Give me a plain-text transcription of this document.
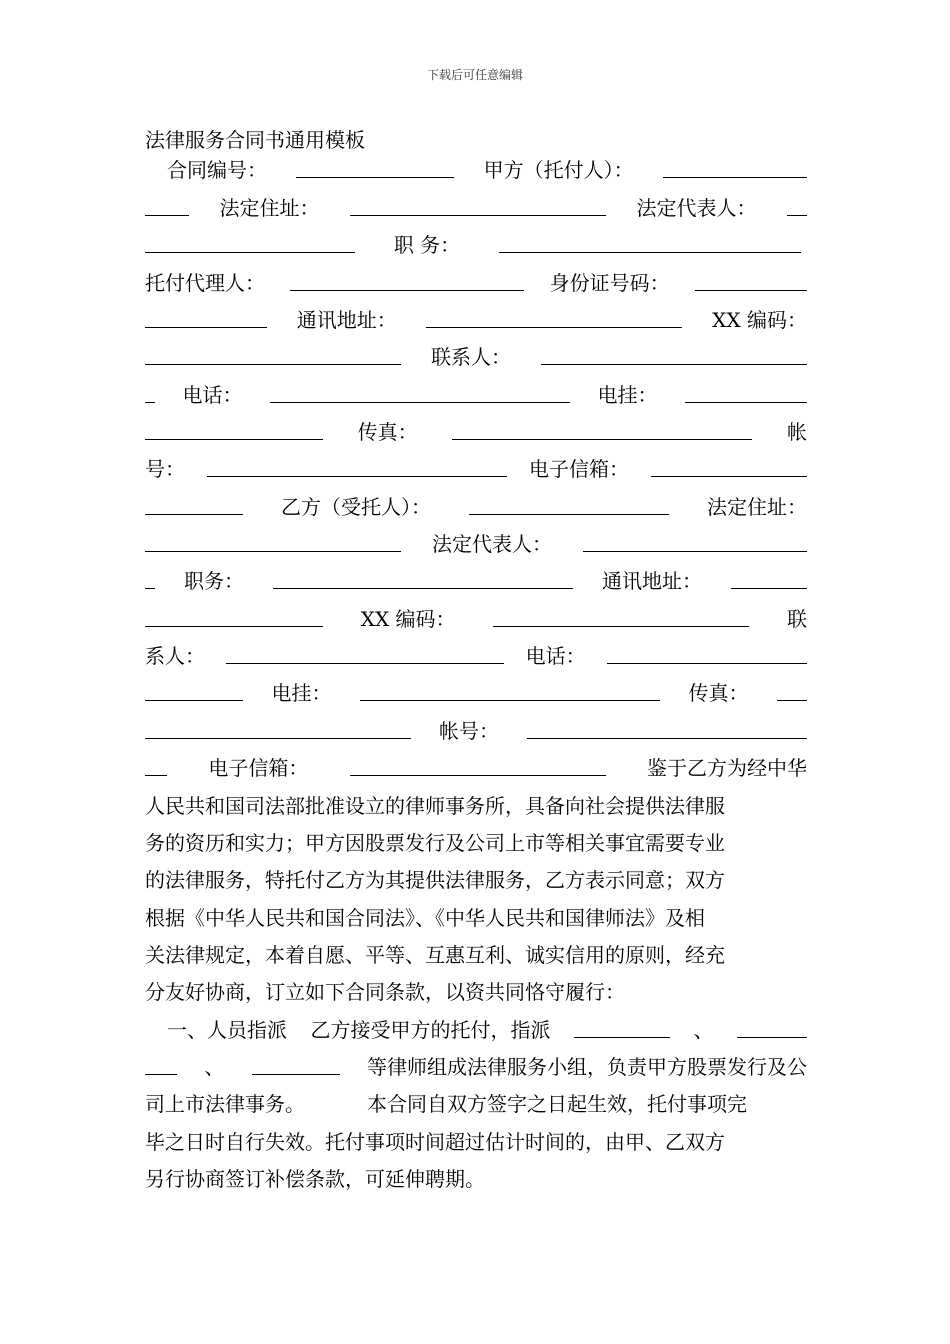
下载后可任意编辑
法律服务合同书通用模板
合同编号：	甲方（托付人）：
法定住址：	法定代表人：
职 务：
托付代理人：	身份证号码：
通讯地址：	XX 编码：
联系人：
电话：	电挂：
传真：	帐
号：	电子信箱：
乙方（受托人）：	法定住址：
法定代表人：
职务：	通讯地址：
XX 编码：	联
系人：	电话：
电挂：	传真：
帐号：
电子信箱：	鉴于乙方为经中华
人民共和国司法部批准设立的律师事务所，具备向社会提供法律服
务的资历和实力；甲方因股票发行及公司上市等相关事宜需要专业
的法律服务，特托付乙方为其提供法律服务，乙方表示同意；双方
根据《中华人民共和国合同法》、《中华人民共和国律师法》及相
关法律规定，本着自愿、平等、互惠互利、诚实信用的原则，经充
分友好协商，订立如下合同条款，以资共同恪守履行：
一、人员指派 乙方接受甲方的托付，指派	、
、	等律师组成法律服务小组，负责甲方股票发行及公
司上市法律事务。	本合同自双方签字之日起生效，托付事项完
毕之日时自行失效。托付事项时间超过估计时间的，由甲、乙双方
另行协商签订补偿条款，可延伸聘期。
